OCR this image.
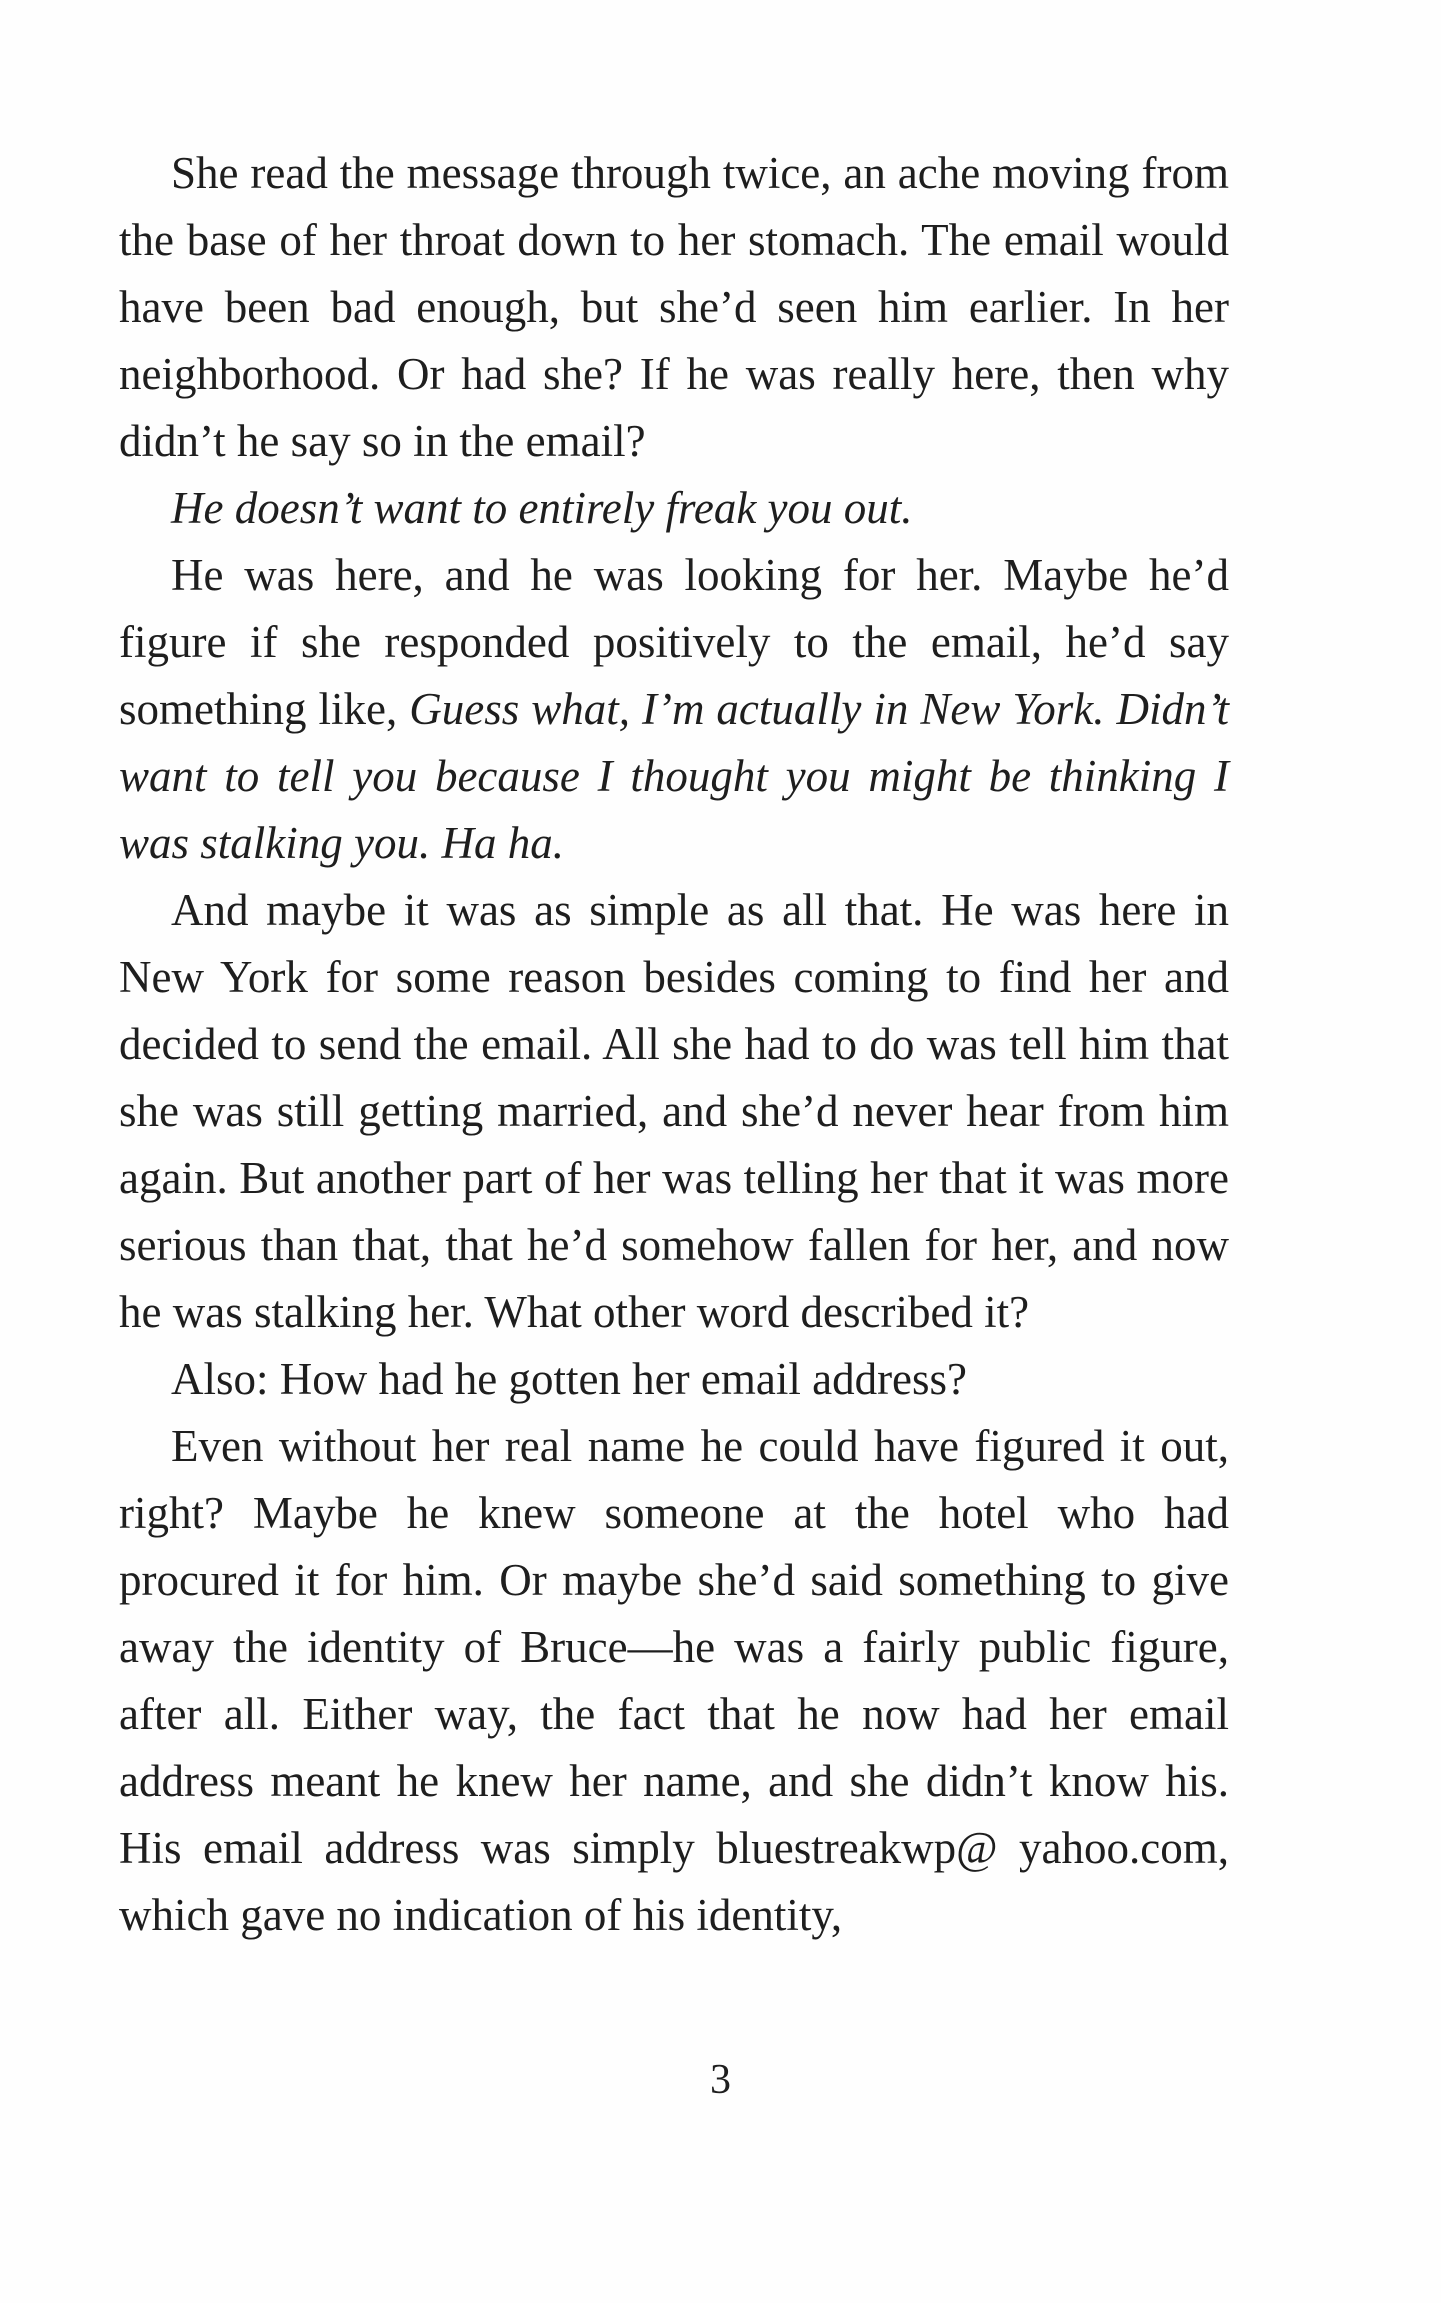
She read the message through twice, an ache moving from the base of her throat down to her stomach. The email would have been bad enough, but she’d seen him earlier. In her neighborhood. Or had she? If he was really here, then why didn’t he say so in the email?

He doesn’t want to entirely freak you out.

He was here, and he was looking for her. Maybe he’d figure if she responded positively to the email, he’d say something like, Guess what, I’m actually in New York. Didn’t want to tell you because I thought you might be thinking I was stalking you. Ha ha.

And maybe it was as simple as all that. He was here in New York for some reason besides coming to find her and decided to send the email. All she had to do was tell him that she was still getting married, and she’d never hear from him again. But another part of her was telling her that it was more serious than that, that he’d somehow fallen for her, and now he was stalking her. What other word described it?

Also: How had he gotten her email address?

Even without her real name he could have figured it out, right? Maybe he knew someone at the hotel who had procured it for him. Or maybe she’d said something to give away the identity of Bruce—he was a fairly public figure, after all. Either way, the fact that he now had her email address meant he knew her name, and she didn’t know his. His email address was simply bluestreakwp@ yahoo.com, which gave no indication of his identity,

3
